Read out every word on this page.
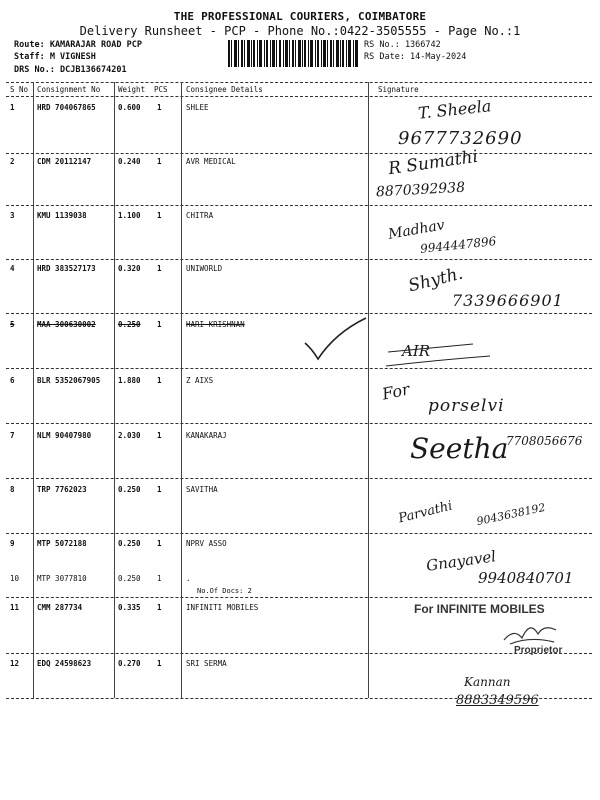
THE PROFESSIONAL COURIERS, COIMBATORE
Delivery Runsheet - PCP - Phone No.:0422-3505555 - Page No.:1
Route: KAMARAJAR ROAD PCP
Staff: M VIGNESH
DRS No.: DCJB136674201
RS No.: 1366742
RS Date: 14-May-2024
S No Consignment No Weight PCS Consignee Details	Signature
1	HRD 704067865	0.600 1	SHLEE	T. Sheela
9677732690
2	CDM 20112147	0.240 1	AVR MEDICAL	R Sumathi
8870392938
3	KMU 1139038	1.100 1	CHITRA
Madhav
9944447896
4	HRD 383527173	0.320 1	UNIWORLD	Shyth.
7339666901
5	MAA 300630002	0.250 1	HARI KRISHNAN
AIR
6	BLR 5352067905 1.880 1	Z AIXS	For
porselvi
7	NLM 90407980	2.030 1	KANAKARAJ	Seetha
7708056676
8	TRP 7762023	0.250 1	SAVITHA
Parvathi 9043638192
9	MTP 5072188	0.250 1	NPRV ASSO
Gnayavel
9940840701
10 MTP 3077810	0.250 1	.
No.Of Docs: 2
11 CMM 287734	0.335 1	INFINITI MOBILES	For INFINITE MOBILES
Proprietor
12 EDQ 24598623	0.270 1	SRI SERMA
Kannan
8883349596
